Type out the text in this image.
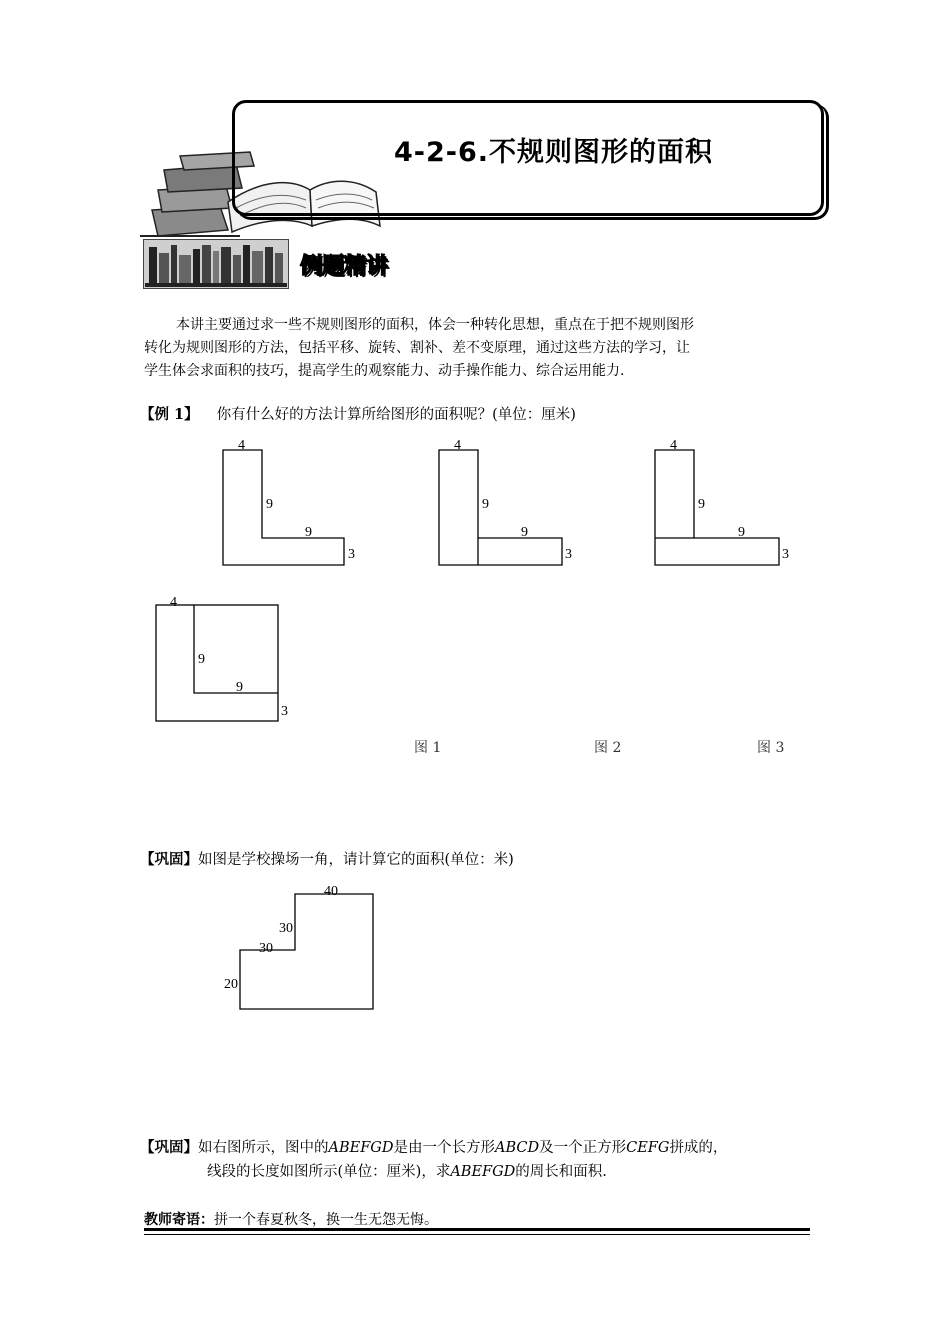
4-2-6.不规则图形的面积
例题精讲
本讲主要通过求一些不规则图形的面积，体会一种转化思想，重点在于把不规则图形
转化为规则图形的方法，包括平移、旋转、割补、差不变原理，通过这些方法的学习，让
学生体会求面积的技巧，提高学生的观察能力、动手操作能力、综合运用能力.
【例 1】 你有什么好的方法计算所给图形的面积呢？(单位：厘米)
4
9
9
3
4
9
9
3
4
9
9
3
4
9
9
3
图 1	图 2	图 3
【巩固】如图是学校操场一角，请计算它的面积(单位：米)
40
30
30
20
【巩固】如右图所示，图中的ABEFGD是由一个长方形ABCD及一个正方形CEFG拼成的，
线段的长度如图所示(单位：厘米)，求ABEFGD的周长和面积.
教师寄语：拼一个春夏秋冬，换一生无怨无悔。
